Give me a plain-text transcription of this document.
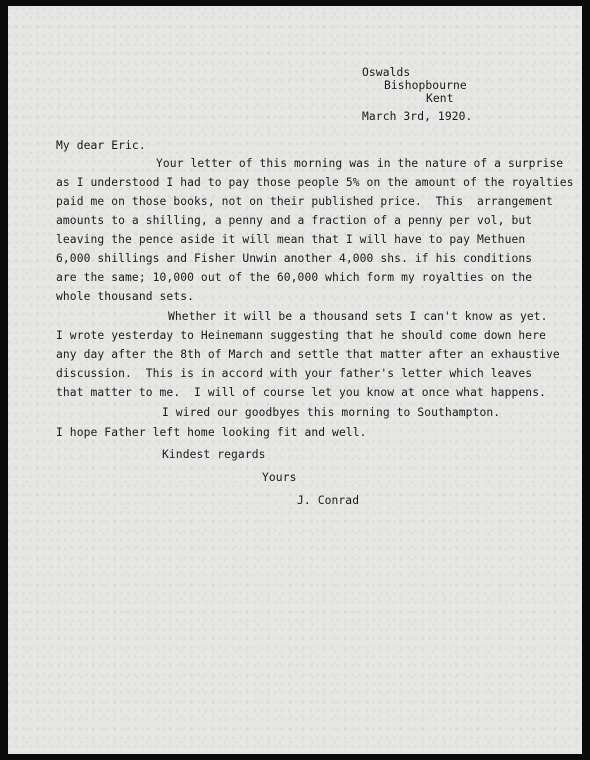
Oswalds
Bishopbourne
Kent
March 3rd, 1920.
My dear Eric.
Your letter of this morning was in the nature of a surprise
as I understood I had to pay those people 5% on the amount of the royalties
paid me on those books, not on their published price.  This  arrangement
amounts to a shilling, a penny and a fraction of a penny per vol, but
leaving the pence aside it will mean that I will have to pay Methuen
6,000 shillings and Fisher Unwin another 4,000 shs. if his conditions
are the same; 10,000 out of the 60,000 which form my royalties on the
whole thousand sets.
Whether it will be a thousand sets I can't know as yet.
I wrote yesterday to Heinemann suggesting that he should come down here
any day after the 8th of March and settle that matter after an exhaustive
discussion.  This is in accord with your father's letter which leaves
that matter to me.  I will of course let you know at once what happens.
I wired our goodbyes this morning to Southampton.
I hope Father left home looking fit and well.
Kindest regards
Yours
J. Conrad
